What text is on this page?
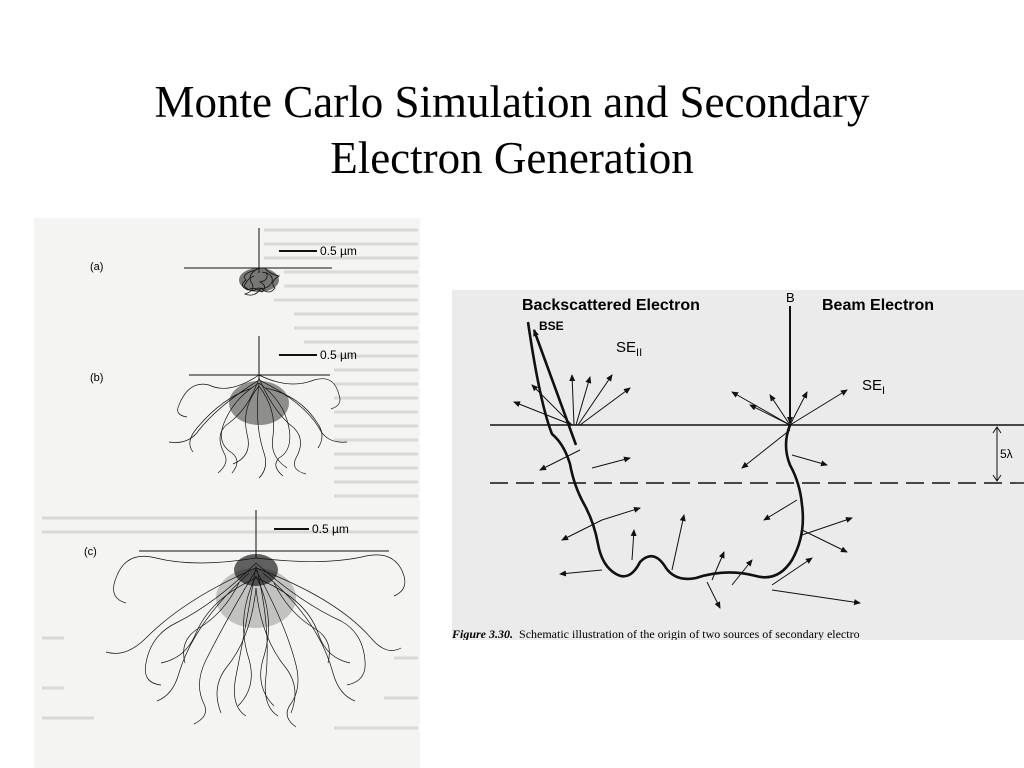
Monte Carlo Simulation and Secondary
Electron Generation
0.5 µm
(a)
0.5 µm
(b)
0.5 µm
(c)
Backscattered Electron
BSE
B Beam Electron
$SE_{II}$
$SE_I$
5λ
Figure 3.30. Schematic illustration of the origin of two sources of secondary electro
